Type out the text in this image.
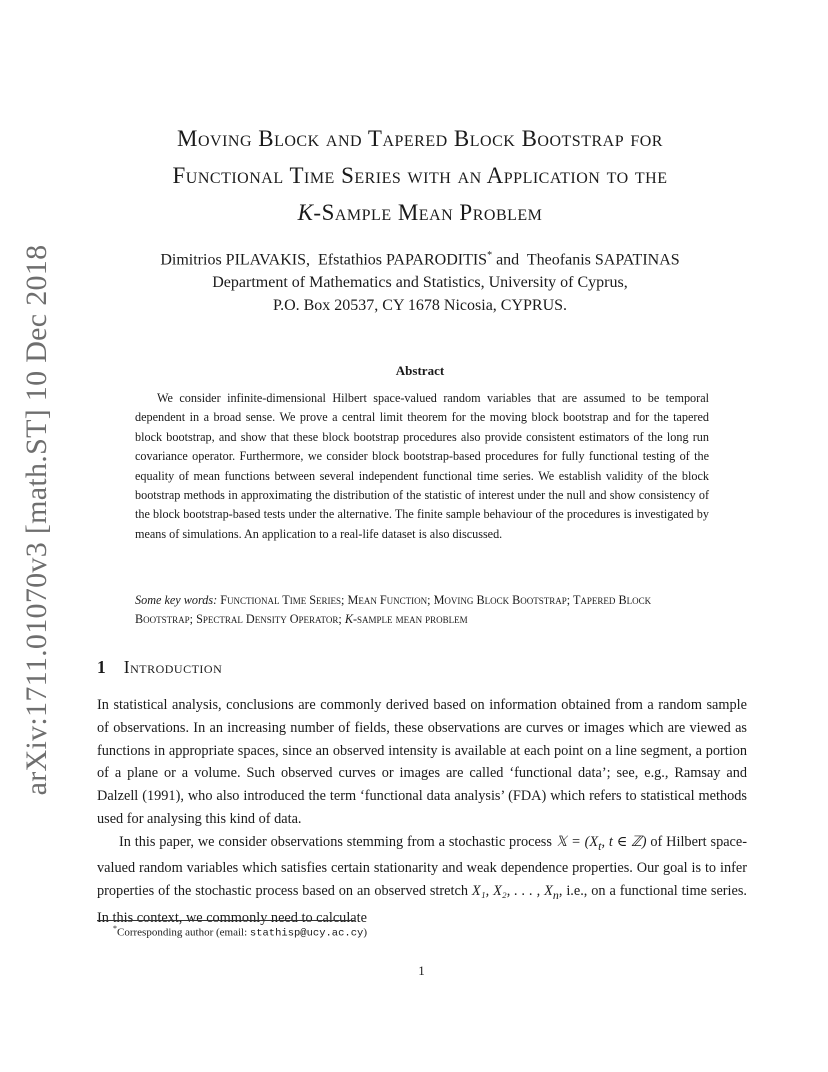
arXiv:1711.01070v3 [math.ST] 10 Dec 2018
Moving Block and Tapered Block Bootstrap for
Functional Time Series with an Application to the
K-Sample Mean Problem
Dimitrios PILAVAKIS, Efstathios PAPARODITIS* and Theofanis SAPATINAS
Department of Mathematics and Statistics, University of Cyprus,
P.O. Box 20537, CY 1678 Nicosia, CYPRUS.
Abstract
We consider infinite-dimensional Hilbert space-valued random variables that are assumed to be temporal dependent in a broad sense. We prove a central limit theorem for the moving block bootstrap and for the tapered block bootstrap, and show that these block bootstrap procedures also provide consistent estimators of the long run covariance operator. Furthermore, we consider block bootstrap-based procedures for fully functional testing of the equality of mean functions between several independent functional time series. We establish validity of the block bootstrap methods in approximating the distribution of the statistic of interest under the null and show consistency of the block bootstrap-based tests under the alternative. The finite sample behaviour of the procedures is investigated by means of simulations. An application to a real-life dataset is also discussed.
Some key words: Functional Time Series; Mean Function; Moving Block Bootstrap; Tapered Block Bootstrap; Spectral Density Operator; K-sample mean problem
1 Introduction

In statistical analysis, conclusions are commonly derived based on information obtained from a random sample of observations. In an increasing number of fields, these observations are curves or images which are viewed as functions in appropriate spaces, since an observed intensity is available at each point on a line segment, a portion of a plane or a volume. Such observed curves or images are called ‘functional data’; see, e.g., Ramsay and Dalzell (1991), who also introduced the term ‘functional data analysis’ (FDA) which refers to statistical methods used for analysing this kind of data.

In this paper, we consider observations stemming from a stochastic process 𝕏 = ($X_t$, t ∈ ℤ) of Hilbert space-valued random variables which satisfies certain stationarity and weak dependence properties. Our goal is to infer properties of the stochastic process based on an observed stretch X₁, X₂, . . . , $X_n$, i.e., on a functional time series. In this context, we commonly need to calculate

*Corresponding author (email: stathisp@ucy.ac.cy)
1
